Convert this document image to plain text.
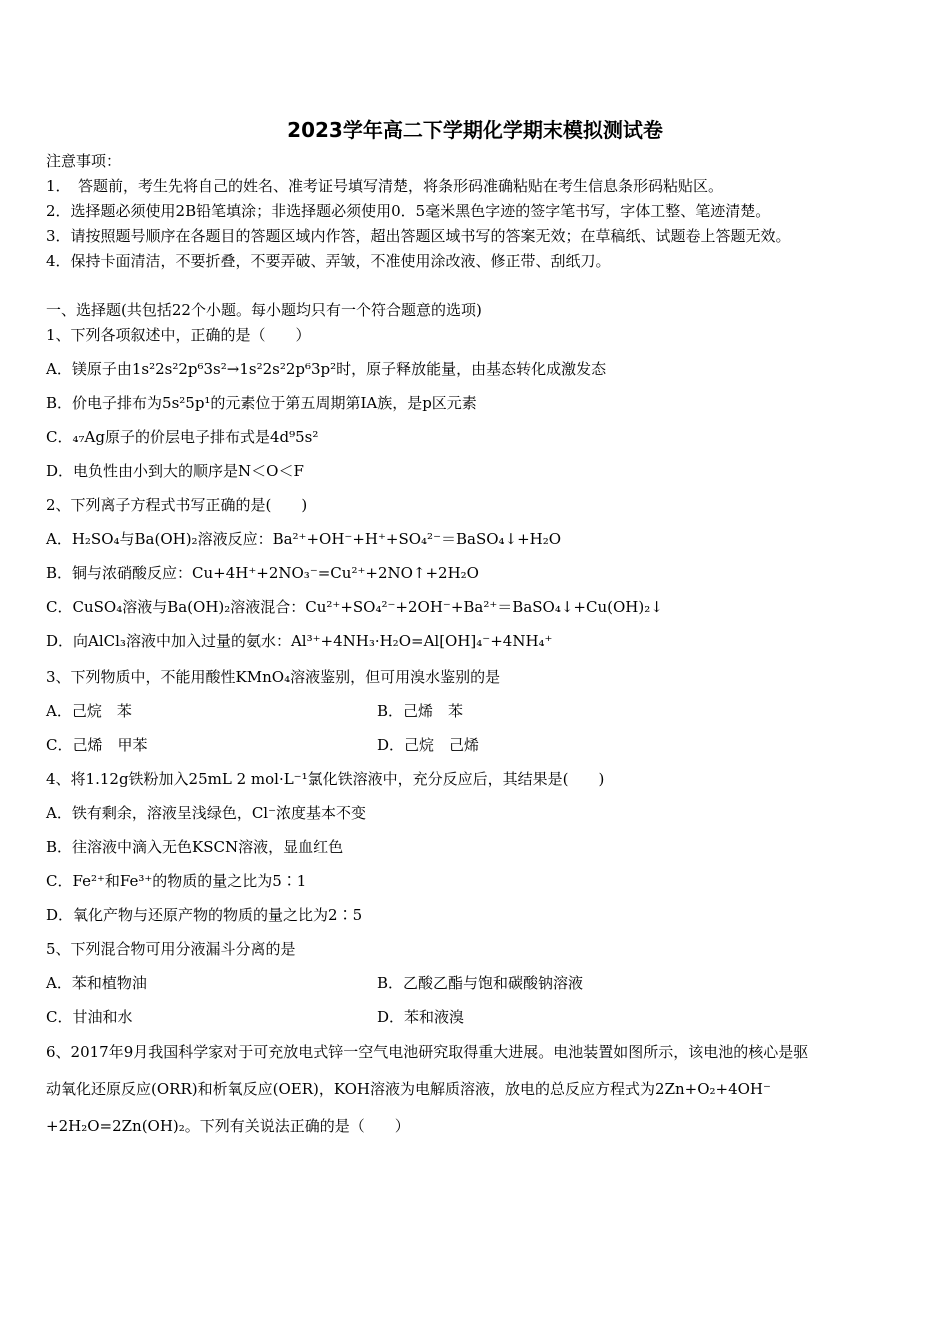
2023学年高二下学期化学期末模拟测试卷
注意事项：
1．　答题前，考生先将自己的姓名、准考证号填写清楚，将条形码准确粘贴在考生信息条形码粘贴区。
2．选择题必须使用2B铅笔填涂；非选择题必须使用0．5毫米黑色字迹的签字笔书写，字体工整、笔迹清楚。
3．请按照题号顺序在各题目的答题区域内作答，超出答题区域书写的答案无效；在草稿纸、试题卷上答题无效。
4．保持卡面清洁，不要折叠，不要弄破、弄皱，不准使用涂改液、修正带、刮纸刀。
一、选择题(共包括22个小题。每小题均只有一个符合题意的选项)
1、下列各项叙述中，正确的是（　　）
A．镁原子由1s²2s²2p⁶3s²→1s²2s²2p⁶3p²时，原子释放能量，由基态转化成激发态
B．价电子排布为5s²5p¹的元素位于第五周期第ⅠA族，是p区元素
C．₄₇Ag原子的价层电子排布式是4d⁹5s²
D．电负性由小到大的顺序是N＜O＜F
2、下列离子方程式书写正确的是(　　)
A．H₂SO₄与Ba(OH)₂溶液反应：Ba²⁺+OH⁻+H⁺+SO₄²⁻＝BaSO₄↓+H₂O
B．铜与浓硝酸反应：Cu+4H⁺+2NO₃⁻=Cu²⁺+2NO↑+2H₂O
C．CuSO₄溶液与Ba(OH)₂溶液混合：Cu²⁺+SO₄²⁻+2OH⁻+Ba²⁺＝BaSO₄↓+Cu(OH)₂↓
D．向AlCl₃溶液中加入过量的氨水：Al³⁺+4NH₃·H₂O=Al[OH]₄⁻+4NH₄⁺
3、下列物质中，不能用酸性KMnO₄溶液鉴别，但可用溴水鉴别的是
A．己烷　苯	B．己烯　苯
C．己烯　甲苯	D．己烷　己烯
4、将1.12g铁粉加入25mL 2 mol·L⁻¹氯化铁溶液中，充分反应后，其结果是(　　)
A．铁有剩余，溶液呈浅绿色，Cl⁻浓度基本不变
B．往溶液中滴入无色KSCN溶液，显血红色
C．Fe²⁺和Fe³⁺的物质的量之比为5∶1
D．氧化产物与还原产物的物质的量之比为2∶5
5、下列混合物可用分液漏斗分离的是
A．苯和植物油	B．乙酸乙酯与饱和碳酸钠溶液
C．甘油和水	D．苯和液溴
6、2017年9月我国科学家对于可充放电式锌一空气电池研究取得重大进展。电池装置如图所示，该电池的核心是驱
动氧化还原反应(ORR)和析氧反应(OER)，KOH溶液为电解质溶液，放电的总反应方程式为2Zn+O₂+4OH⁻
+2H₂O=2Zn(OH)₂。下列有关说法正确的是（　　）
